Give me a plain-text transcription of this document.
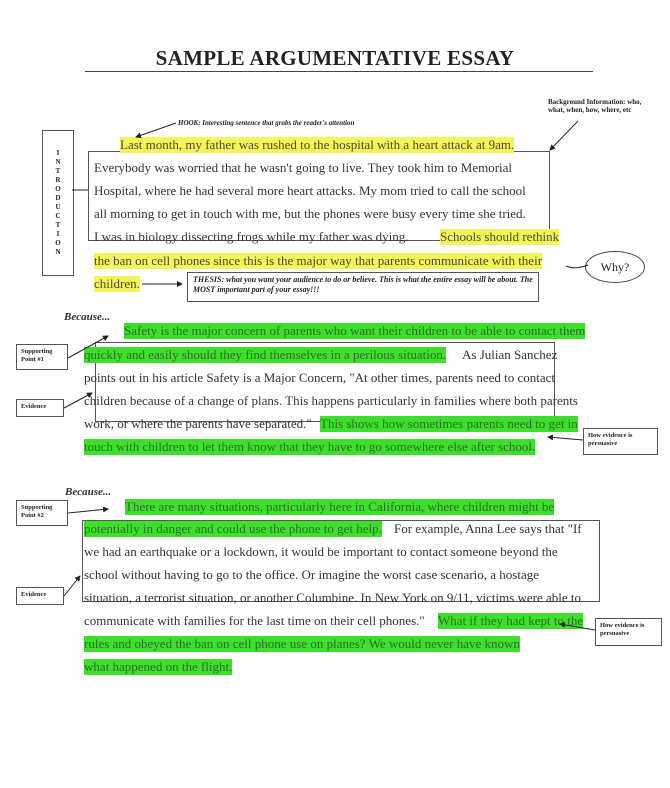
SAMPLE ARGUMENTATIVE ESSAY
HOOK: Interesting sentence that grabs the reader's attention
Background Information: who, what, when, how, where, etc
I
N
T
R
O
D
U
C
T
I
O
N
Last month, my father was rushed to the hospital with a heart attack at 9am.
Everybody was worried that he wasn't going to live. They took him to Memorial
Hospital, where he had several more heart attacks. My mom tried to call the school
all morning to get in touch with me, but the phones were busy every time she tried.
I was in biology dissecting frogs while my father was dying. Schools should rethink
the ban on cell phones since this is the major way that parents communicate with their
children.	THESIS: what you want your audience to do or believe. This is what the entire essay will be about. The MOST important part of your essay!!!
Why?
Because...
Safety is the major concern of parents who want their children to be able to contact them
quickly and easily should they find themselves in a perilous situation. As Julian Sanchez
points out in his article Safety is a Major Concern, "At other times, parents need to contact
children because of a change of plans. This happens particularly in families where both parents
work, or where the parents have separated." This shows how sometimes parents need to get in
touch with children to let them know that they have to go somewhere else after school.
Supporting Point #1
Evidence
How evidence is persuasive
Because...
There are many situations, particularly here in California, where children might be
potentially in danger and could use the phone to get help. For example, Anna Lee says that "If
we had an earthquake or a lockdown, it would be important to contact someone beyond the
school without having to go to the office. Or imagine the worst case scenario, a hostage
situation, a terrorist situation, or another Columbine. In New York on 9/11, victims were able to
communicate with families for the last time on their cell phones." What if they had kept to the
rules and obeyed the ban on cell phone use on planes? We would never have known
what happened on the flight.
Supporting Point #2
Evidence
How evidence is persuasive
